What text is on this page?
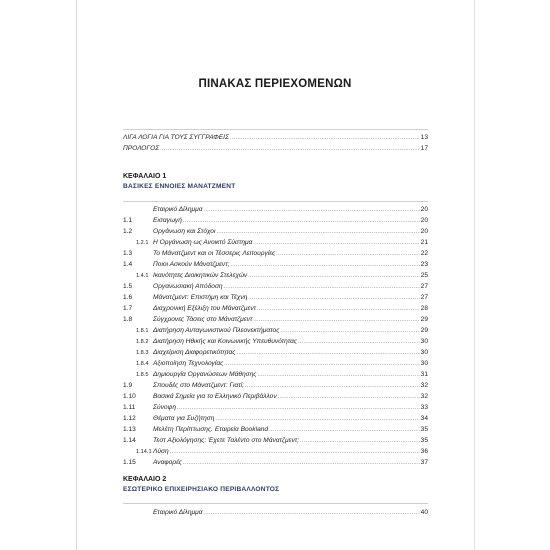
ΠΙΝΑΚΑΣ ΠΕΡΙΕΧΟΜΕΝΩΝ
ΛΙΓΑ ΛΟΓΙΑ ΓΙΑ ΤΟΥΣ ΣΥΓΓΡΑΦΕΙΣ .....	13
ΠΡΟΛΟΓΟΣ .....	17
ΚΕΦΑΛΑΙΟ 1
ΒΑΣΙΚΕΣ ΕΝΝΟΙΕΣ ΜΑΝΑΤΖΜΕΝΤ
Εταιρικό Δίλημμα .....	20
1.1	Εισαγωγή .....	20
1.2	Οργάνωση και Στόχοι .....	20
1.2.1 Η Οργάνωση ως Ανοικτό Σύστημα .....	21
1.3	Το Μάνατζμεντ και οι Τέσσερις Λειτουργίες .....	22
1.4	Ποιοι Ασκούν Μάνατζμεντ; .....	23
1.4.1 Ικανότητες Διοικητικών Στελεχών .....	25
1.5	Οργανωσιακή Απόδοση .....	27
1.6	Μάνατζμεντ: Επιστήμη και Τέχνη .....	27
1.7	Διαχρονική Εξέλιξη του Μάνατζμεντ .....	28
1.8	Σύγχρονες Τάσεις στο Μάνατζμεντ .....	29
1.8.1 Διατήρηση Ανταγωνιστικού Πλεονεκτήματος .....	29
1.8.2 Διατήρηση Ηθικής και Κοινωνικής Υπευθυνότητας .....	30
1.8.3 Διαχείριση Διαφορετικότητας .....	30
1.8.4 Αξιοποίηση Τεχνολογίας .....	30
1.8.5 Δημιουργία Οργανώσεων Μάθησης .....	31
1.9	Σπουδές στο Μάνατζμεντ: Γιατί; .....	32
1.10	Βασικά Σημεία για το Ελληνικό Περιβάλλον .....	32
1.11	Σύνοψη .....	33
1.12	Θέματα για Συζήτηση .....	34
1.13	Μελέτη Περίπτωσης. Εταιρεία Bookland .....	35
1.14	Τεστ Αξιολόγησης: Έχετε Ταλέντο στο Μάνατζμεντ; .....	35
1.14.1 Λύση .....	36
1.15	Αναφορές .....	37
ΚΕΦΑΛΑΙΟ 2
ΕΣΩΤΕΡΙΚΟ ΕΠΙΧΕΙΡΗΣΙΑΚΟ ΠΕΡΙΒΑΛΛΟΝΤΟΣ
Εταιρικό Δίλημμα .....	40
